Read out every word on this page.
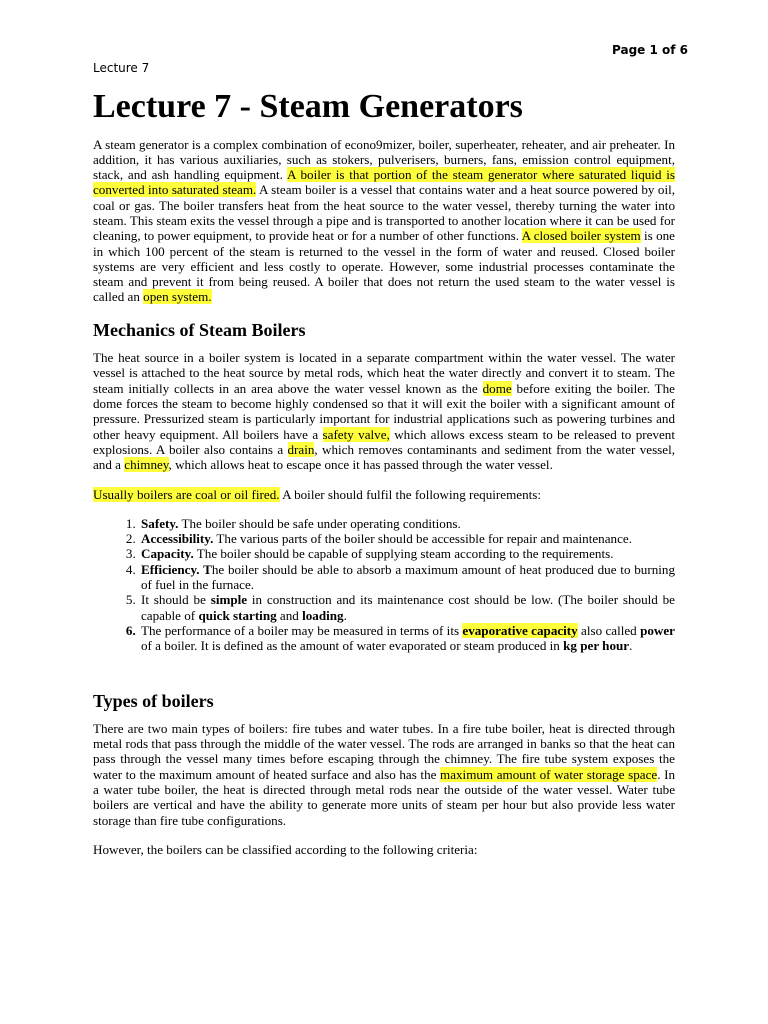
Page 1 of 6
Lecture 7
Lecture 7 - Steam Generators

A steam generator is a complex combination of econo9mizer, boiler, superheater, reheater, and air preheater. In addition, it has various auxiliaries, such as stokers, pulverisers, burners, fans, emission control equipment, stack, and ash handling equipment. A boiler is that portion of the steam generator where saturated liquid is converted into saturated steam. A steam boiler is a vessel that contains water and a heat source powered by oil, coal or gas. The boiler transfers heat from the heat source to the water vessel, thereby turning the water into steam. This steam exits the vessel through a pipe and is transported to another location where it can be used for cleaning, to power equipment, to provide heat or for a number of other functions. A closed boiler system is one in which 100 percent of the steam is returned to the vessel in the form of water and reused. Closed boiler systems are very efficient and less costly to operate. However, some industrial processes contaminate the steam and prevent it from being reused. A boiler that does not return the used steam to the water vessel is called an open system.

Mechanics of Steam Boilers

The heat source in a boiler system is located in a separate compartment within the water vessel. The water vessel is attached to the heat source by metal rods, which heat the water directly and convert it to steam. The steam initially collects in an area above the water vessel known as the dome before exiting the boiler. The dome forces the steam to become highly condensed so that it will exit the boiler with a significant amount of pressure. Pressurized steam is particularly important for industrial applications such as powering turbines and other heavy equipment. All boilers have a safety valve, which allows excess steam to be released to prevent explosions. A boiler also contains a drain, which removes contaminants and sediment from the water vessel, and a chimney, which allows heat to escape once it has passed through the water vessel.

Usually boilers are coal or oil fired. A boiler should fulfil the following requirements:

1. Safety. The boiler should be safe under operating conditions.
2. Accessibility. The various parts of the boiler should be accessible for repair and maintenance.
3. Capacity. The boiler should be capable of supplying steam according to the requirements.
4. Efficiency. The boiler should be able to absorb a maximum amount of heat produced due to burning of fuel in the furnace.
5. It should be simple in construction and its maintenance cost should be low. (The boiler should be capable of quick starting and loading.
6. The performance of a boiler may be measured in terms of its evaporative capacity also called power of a boiler. It is defined as the amount of water evaporated or steam produced in kg per hour.
Types of boilers

There are two main types of boilers: fire tubes and water tubes. In a fire tube boiler, heat is directed through metal rods that pass through the middle of the water vessel. The rods are arranged in banks so that the heat can pass through the vessel many times before escaping through the chimney. The fire tube system exposes the water to the maximum amount of heated surface and also has the maximum amount of water storage space. In a water tube boiler, the heat is directed through metal rods near the outside of the water vessel. Water tube boilers are vertical and have the ability to generate more units of steam per hour but also provide less water storage than fire tube configurations.

However, the boilers can be classified according to the following criteria:
